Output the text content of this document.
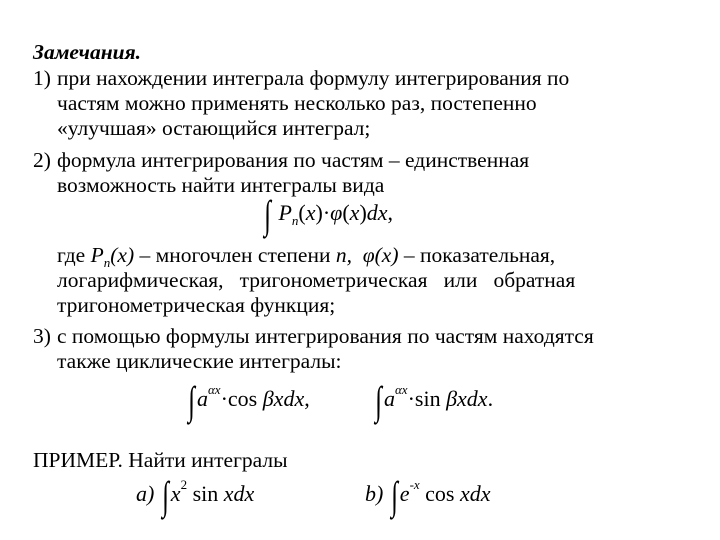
Замечания.
1) при нахождении интеграла формулу интегрирования по
частям можно применять несколько раз, постепенно
«улучшая» остающийся интеграл;
2) формула интегрирования по частям – единственная
возможность найти интегралы вида
∫ $P_n(x)\cdot\varphi(x)dx$,
где $P_n(x)$ – многочлен степени n,  φ(x) – показательная,
логарифмическая,   тригонометрическая   или   обратная
тригонометрическая функция;
3) с помощью формулы интегрирования по частям находятся
также циклические интегралы:
$\int a^{\alpha x}\cdot\cos$ βxdx, $\int a^{\alpha x}\cdot\sin$ βxdx.
ПРИМЕР. Найти интегралы
a) $\int x^2$ sin xdx	b) $\int e^{-x}$ cos xdx
